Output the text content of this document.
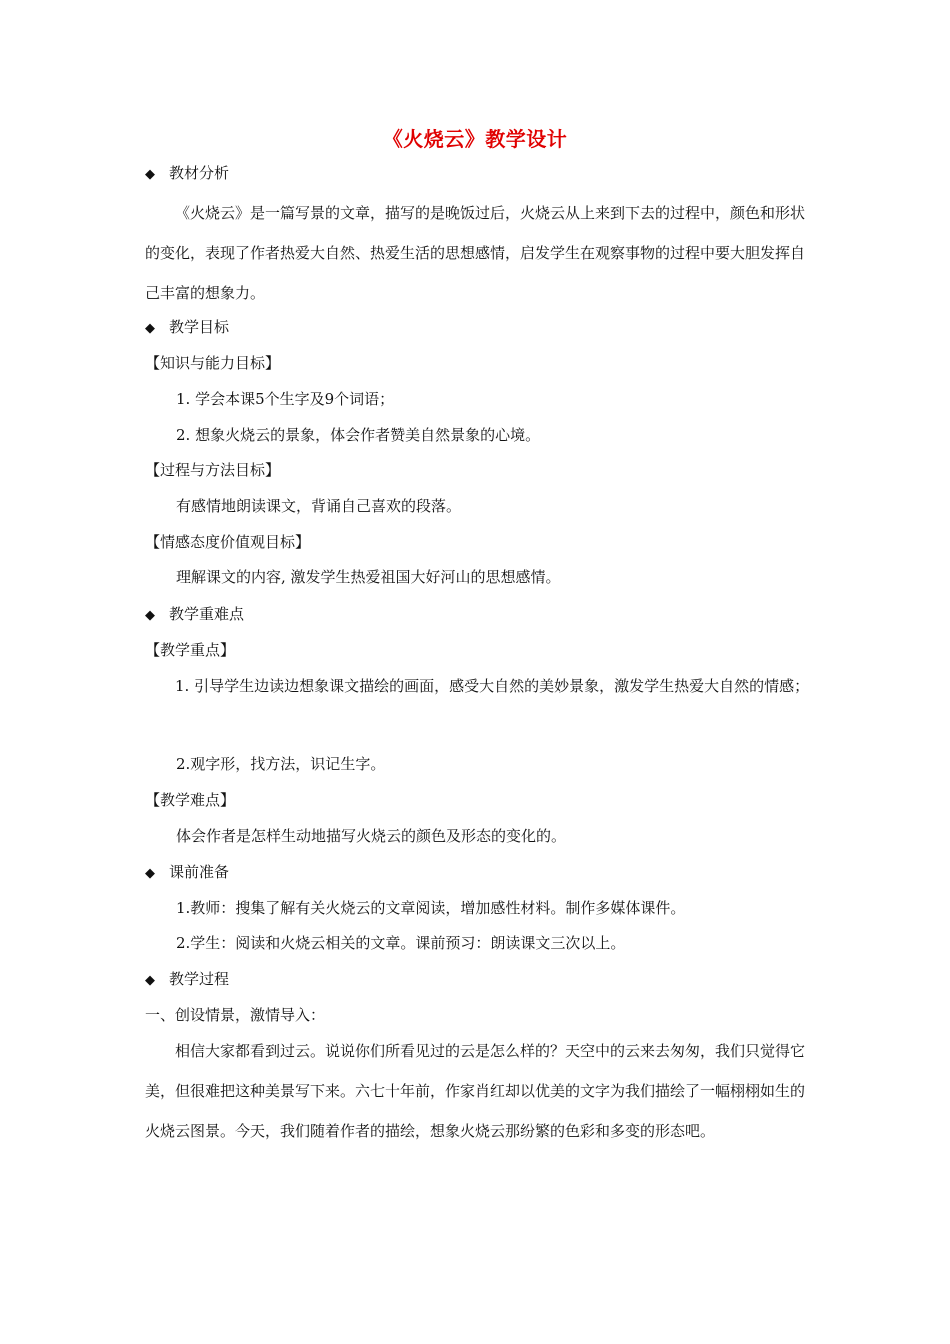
《火烧云》教学设计
◆ 教材分析
《火烧云》是一篇写景的文章，描写的是晚饭过后，火烧云从上来到下去的过程中，颜色和形状的变化，表现了作者热爱大自然、热爱生活的思想感情，启发学生在观察事物的过程中要大胆发挥自己丰富的想象力。
◆ 教学目标
【知识与能力目标】
1. 学会本课5个生字及9个词语；
2. 想象火烧云的景象，体会作者赞美自然景象的心境。
【过程与方法目标】
有感情地朗读课文，背诵自己喜欢的段落。
【情感态度价值观目标】
理解课文的内容, 激发学生热爱祖国大好河山的思想感情。
◆ 教学重难点
【教学重点】
1. 引导学生边读边想象课文描绘的画面，感受大自然的美妙景象，激发学生热爱大自然的情感；
2.观字形，找方法，识记生字。
【教学难点】
体会作者是怎样生动地描写火烧云的颜色及形态的变化的。
◆ 课前准备
1.教师：搜集了解有关火烧云的文章阅读，增加感性材料。制作多媒体课件。
2.学生：阅读和火烧云相关的文章。课前预习：朗读课文三次以上。
◆ 教学过程
一、创设情景，激情导入：
相信大家都看到过云。说说你们所看见过的云是怎么样的？天空中的云来去匆匆，我们只觉得它美，但很难把这种美景写下来。六七十年前，作家肖红却以优美的文字为我们描绘了一幅栩栩如生的火烧云图景。今天，我们随着作者的描绘，想象火烧云那纷繁的色彩和多变的形态吧。
